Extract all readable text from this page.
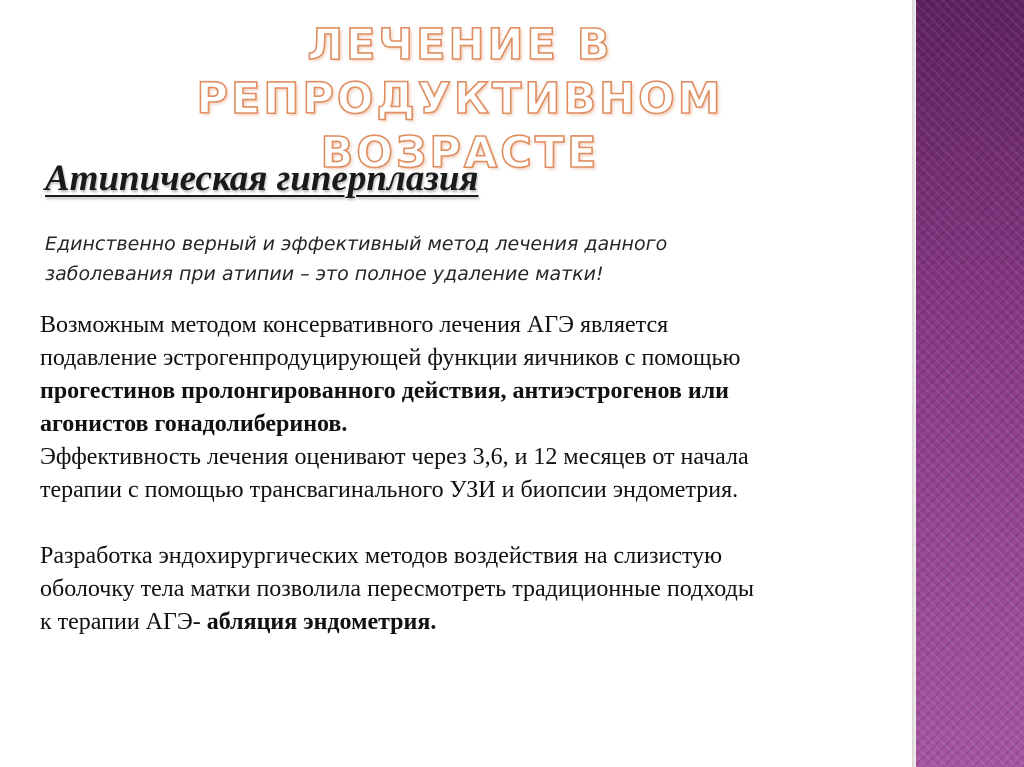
ЛЕЧЕНИЕ В РЕПРОДУКТИВНОМ
ВОЗРАСТЕ
Атипическая гиперплазия

Единственно верный и эффективный метод лечения данного
заболевания при атипии – это полное удаление матки!

Возможным методом консервативного лечения АГЭ является
подавление эстрогенпродуцирующей функции яичников с помощью
прогестинов пролонгированного действия, антиэстрогенов или
агонистов гонадолиберинов.

Эффективность лечения оценивают через 3,6, и 12 месяцев от начала
терапии с помощью трансвагинального УЗИ и биопсии эндометрия.

Разработка эндохирургических методов воздействия на слизистую
оболочку тела матки позволила пересмотреть традиционные подходы
к терапии АГЭ- абляция эндометрия.
